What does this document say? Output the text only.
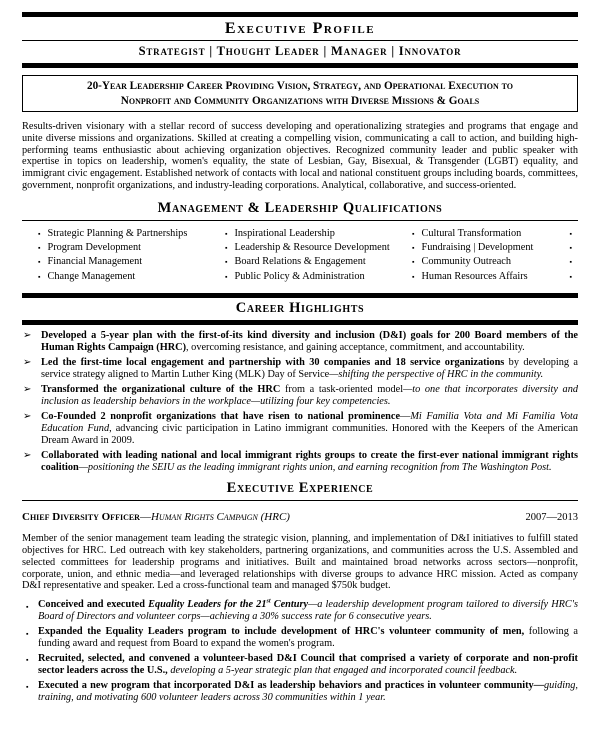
Executive Profile
Strategist | Thought Leader | Manager | Innovator
20-Year Leadership Career Providing Vision, Strategy, and Operational Execution to
Nonprofit and Community Organizations with Diverse Missions & Goals

Results-driven visionary with a stellar record of success developing and operationalizing strategies and programs that engage and unite diverse missions and organizations. Skilled at creating a compelling vision, communicating a call to action, and building high-performing teams enthusiastic about achieving organization objectives. Recognized community leader and public speaker with expertise in topics on leadership, women's equality, the state of Lesbian, Gay, Bisexual, & Transgender (LGBT) equality, and immigrant civic engagement. Established network of contacts with local and national constituent groups including boards, committees, government, nonprofit organizations, and industry-leading corporations. Analytical, collaborative, and success-oriented.

Management & Leadership Qualifications
▪ Strategic Planning & Partnerships
▪ Program Development
▪ Financial Management
▪ Change Management
▪ Inspirational Leadership
▪ Leadership & Resource Development
▪ Board Relations & Engagement
▪ Public Policy & Administration
▪ Cultural Transformation
▪ Fundraising | Development
▪ Community Outreach
▪ Human Resources Affairs
▪
▪
▪
▪
Career Highlights
➢ Developed a 5-year plan with the first-of-its kind diversity and inclusion (D&I) goals for 200 Board members of the Human Rights Campaign (HRC), overcoming resistance, and gaining acceptance, commitment, and accountability.
➢ Led the first-time local engagement and partnership with 30 companies and 18 service organizations by developing a service strategy aligned to Martin Luther King (MLK) Day of Service—shifting the perspective of HRC in the community.
➢ Transformed the organizational culture of the HRC from a task-oriented model—to one that incorporates diversity and inclusion as leadership behaviors in the workplace—utilizing four key competencies.
➢ Co-Founded 2 nonprofit organizations that have risen to national prominence—Mi Familia Vota and Mi Familia Vota Education Fund, advancing civic participation in Latino immigrant communities. Honored with the Keepers of the American Dream Award in 2009.
➢ Collaborated with leading national and local immigrant rights groups to create the first-ever national immigrant rights coalition—positioning the SEIU as the leading immigrant rights union, and earning recognition from The Washington Post.
Executive Experience
Chief Diversity Officer—Human Rights Campaign (HRC)	2007—2013

Member of the senior management team leading the strategic vision, planning, and implementation of D&I initiatives to fulfill stated objectives for HRC. Led outreach with key stakeholders, partnering organizations, and communities across the U.S. Assembled and selected committees for leadership programs and initiatives. Built and maintained broad networks across sectors—nonprofit, corporate, union, and ethnic media—and leveraged relationships with diverse groups to advance HRC mission. Acted as company D&I representative and speaker. Led a cross-functional team and managed $750k budget.

▪ Conceived and executed Equality Leaders for the 21st Century—a leadership development program tailored to diversify HRC's Board of Directors and volunteer corps—achieving a 30% success rate for 6 consecutive years.
▪ Expanded the Equality Leaders program to include development of HRC's volunteer community of men, following a funding award and request from Board to expand the women's program.
▪ Recruited, selected, and convened a volunteer-based D&I Council that comprised a variety of corporate and non-profit sector leaders across the U.S., developing a 5-year strategic plan that engaged and incorporated council feedback.
▪ Executed a new program that incorporated D&I as leadership behaviors and practices in volunteer community—guiding, training, and motivating 600 volunteer leaders across 30 communities within 1 year.
